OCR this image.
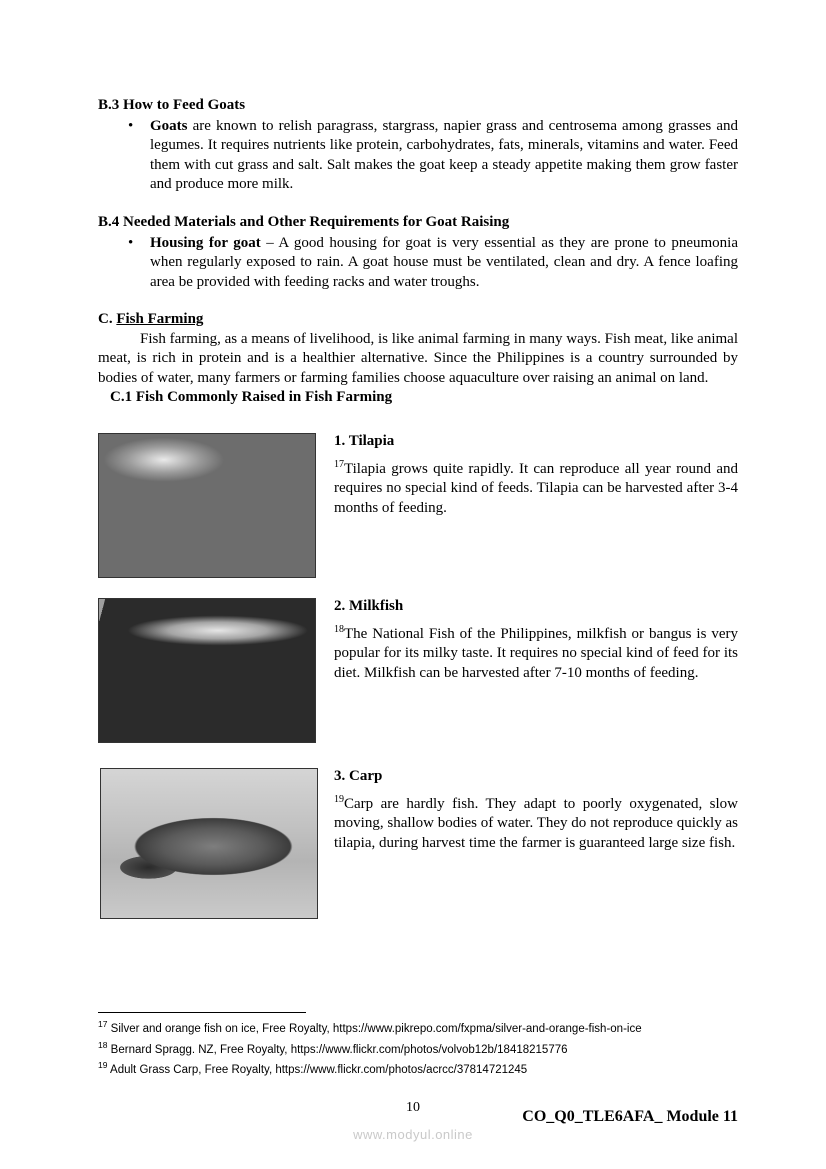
B.3 How to Feed Goats
• Goats are known to relish paragrass, stargrass, napier grass and centrosema among grasses and legumes. It requires nutrients like protein, carbohydrates, fats, minerals, vitamins and water. Feed them with cut grass and salt. Salt makes the goat keep a steady appetite making them grow faster and produce more milk.
B.4 Needed Materials and Other Requirements for Goat Raising
• Housing for goat – A good housing for goat is very essential as they are prone to pneumonia when regularly exposed to rain. A goat house must be ventilated, clean and dry. A fence loafing area be provided with feeding racks and water troughs.

C. Fish Farming

Fish farming, as a means of livelihood, is like animal farming in many ways. Fish meat, like animal meat, is rich in protein and is a healthier alternative. Since the Philippines is a country surrounded by bodies of water, many farmers or farming families choose aquaculture over raising an animal on land.

C.1 Fish Commonly Raised in Fish Farming

1. Tilapia

$^{17}$Tilapia grows quite rapidly. It can reproduce all year round and requires no special kind of feeds. Tilapia can be harvested after 3-4 months of feeding.

2. Milkfish

$^{18}$The National Fish of the Philippines, milkfish or bangus is very popular for its milky taste. It requires no special kind of feed for its diet. Milkfish can be harvested after 7-10 months of feeding.

3. Carp

$^{19}$Carp are hardly fish. They adapt to poorly oxygenated, slow moving, shallow bodies of water. They do not reproduce quickly as tilapia, during harvest time the farmer is guaranteed large size fish.

$^{17}$ Silver and orange fish on ice, Free Royalty, https://www.pikrepo.com/fxpma/silver-and-orange-fish-on-ice
$^{18}$ Bernard Spragg. NZ, Free Royalty, https://www.flickr.com/photos/volvob12b/18418215776
$^{19}$ Adult Grass Carp, Free Royalty, https://www.flickr.com/photos/acrcc/37814721245
10
CO_Q0_TLE6AFA_ Module 11
www.modyul.online
